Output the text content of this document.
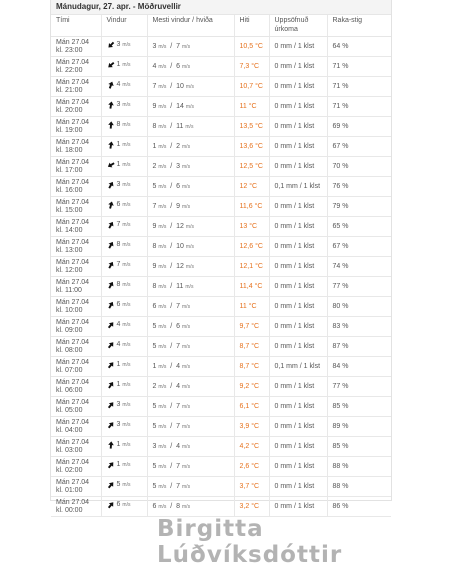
Mánudagur, 27. apr. - Möðruvellir
Tími	Vindur	Mesti vindur / hviða	Hiti	Uppsöfnuð úrkoma	Raka-stig
Mán 27.04
kl. 23:00	3 m/s	3 m/s  /  7 m/s	10,5 °C	0 mm / 1 klst	64 %
Mán 27.04
kl. 22:00	1 m/s	4 m/s  /  6 m/s	7,3 °C	0 mm / 1 klst	71 %
Mán 27.04
kl. 21:00	4 m/s	7 m/s  /  10 m/s	10,7 °C	0 mm / 1 klst	71 %
Mán 27.04
kl. 20:00	3 m/s	9 m/s  /  14 m/s	11 °C	0 mm / 1 klst	71 %
Mán 27.04
kl. 19:00	8 m/s	8 m/s  /  11 m/s	13,5 °C	0 mm / 1 klst	69 %
Mán 27.04
kl. 18:00	1 m/s	1 m/s  /  2 m/s	13,6 °C	0 mm / 1 klst	67 %
Mán 27.04
kl. 17:00	1 m/s	2 m/s  /  3 m/s	12,5 °C	0 mm / 1 klst	70 %
Mán 27.04
kl. 16:00	3 m/s	5 m/s  /  6 m/s	12 °C	0,1 mm / 1 klst	76 %
Mán 27.04
kl. 15:00	6 m/s	7 m/s  /  9 m/s	11,6 °C	0 mm / 1 klst	79 %
Mán 27.04
kl. 14:00	7 m/s	9 m/s  /  12 m/s	13 °C	0 mm / 1 klst	65 %
Mán 27.04
kl. 13:00	8 m/s	8 m/s  /  10 m/s	12,6 °C	0 mm / 1 klst	67 %
Mán 27.04
kl. 12:00	7 m/s	9 m/s  /  12 m/s	12,1 °C	0 mm / 1 klst	74 %
Mán 27.04
kl. 11:00	8 m/s	8 m/s  /  11 m/s	11,4 °C	0 mm / 1 klst	77 %
Mán 27.04
kl. 10:00	6 m/s	6 m/s  /  7 m/s	11 °C	0 mm / 1 klst	80 %
Mán 27.04
kl. 09:00	4 m/s	5 m/s  /  6 m/s	9,7 °C	0 mm / 1 klst	83 %
Mán 27.04
kl. 08:00	4 m/s	5 m/s  /  7 m/s	8,7 °C	0 mm / 1 klst	87 %
Mán 27.04
kl. 07:00	1 m/s	1 m/s  /  4 m/s	8,7 °C	0,1 mm / 1 klst	84 %
Mán 27.04
kl. 06:00	1 m/s	2 m/s  /  4 m/s	9,2 °C	0 mm / 1 klst	77 %
Mán 27.04
kl. 05:00	3 m/s	5 m/s  /  7 m/s	6,1 °C	0 mm / 1 klst	85 %
Mán 27.04
kl. 04:00	3 m/s	5 m/s  /  7 m/s	3,9 °C	0 mm / 1 klst	89 %
Mán 27.04
kl. 03:00	1 m/s	3 m/s  /  4 m/s	4,2 °C	0 mm / 1 klst	85 %
Mán 27.04
kl. 02:00	1 m/s	5 m/s  /  7 m/s	2,6 °C	0 mm / 1 klst	88 %
Mán 27.04
kl. 01:00	5 m/s	5 m/s  /  7 m/s	3,7 °C	0 mm / 1 klst	88 %
Mán 27.04
kl. 00:00	6 m/s	6 m/s  /  8 m/s	3,2 °C	0 mm / 1 klst	86 %
Birgitta Lúðvíksdóttir
